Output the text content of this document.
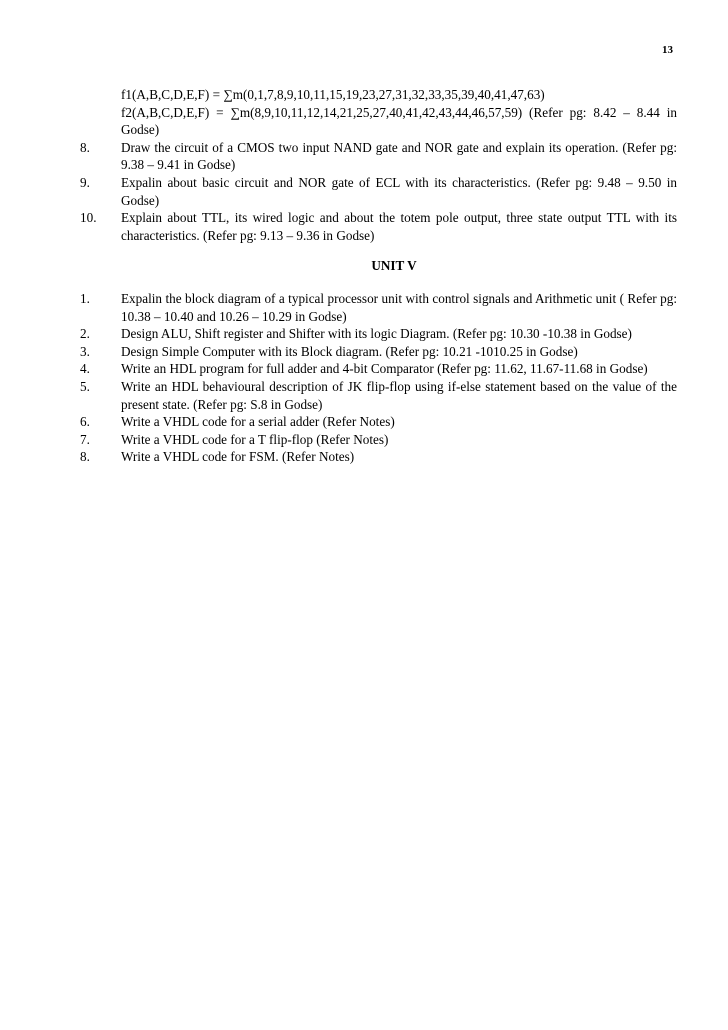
13
f1(A,B,C,D,E,F) = ∑m(0,1,7,8,9,10,11,15,19,23,27,31,32,33,35,39,40,41,47,63)
f2(A,B,C,D,E,F) = ∑m(8,9,10,11,12,14,21,25,27,40,41,42,43,44,46,57,59) (Refer pg: 8.42 – 8.44 in Godse)
8.	Draw the circuit of a CMOS two input NAND gate and NOR gate and explain its operation. (Refer pg: 9.38 – 9.41 in Godse)
9.	Expalin about basic circuit and NOR gate of ECL with its characteristics. (Refer pg: 9.48 – 9.50 in Godse)
10.	Explain about TTL, its wired logic and about the totem pole output, three state output TTL with its characteristics. (Refer pg: 9.13 – 9.36 in Godse)
UNIT V
1.	Expalin the block diagram of a typical processor unit with control signals and Arithmetic unit ( Refer pg: 10.38 – 10.40 and 10.26 – 10.29 in Godse)
2.	Design ALU, Shift register and Shifter with its logic Diagram. (Refer pg: 10.30 -10.38 in Godse)
3.	Design Simple Computer with its Block diagram. (Refer pg: 10.21 -1010.25 in Godse)
4.	Write an HDL program for full adder and 4-bit Comparator (Refer pg: 11.62, 11.67-11.68 in Godse)
5.	Write an HDL behavioural description of JK flip-flop using if-else statement based on the value of the present state. (Refer pg: S.8 in Godse)
6.	Write a VHDL code for a serial adder (Refer Notes)
7.	Write a VHDL code for a T flip-flop (Refer Notes)
8.	Write a VHDL code for FSM. (Refer Notes)
